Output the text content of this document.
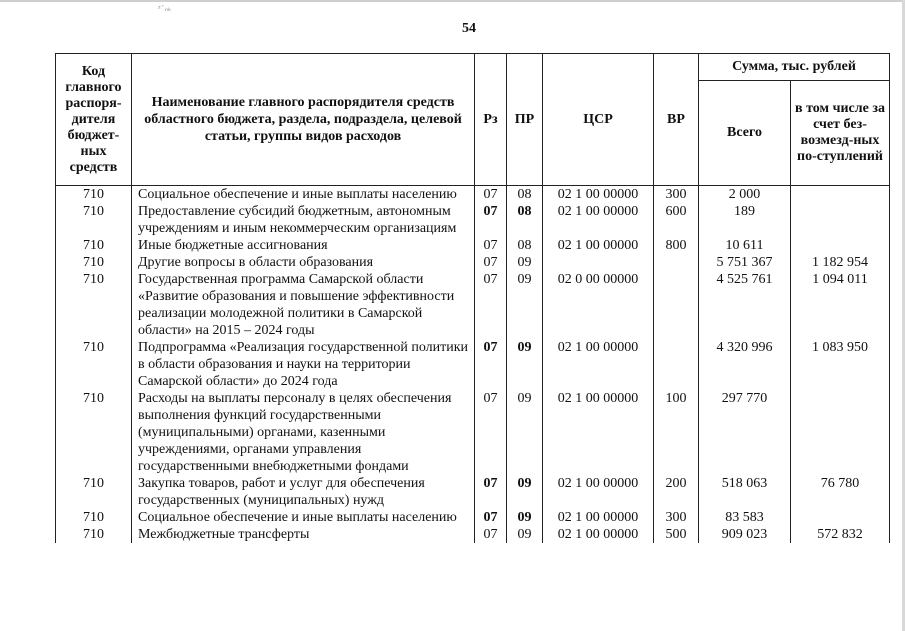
ᶻ᾿ₙₖ
54
Код главного распоря-дителя бюджет-ных средств	Наименование главного распорядителя средств областного бюджета, раздела, подраздела, целевой статьи, группы видов расходов	Рз	ПР	ЦСР	ВР	Сумма, тыс. рублей	
						Всего	в том числе за счет без-возмезд-ных по-ступлений
710	Социальное обеспечение и иные выплаты населению	07	08	02 1 00 00000	300	2 000	
710	Предоставление субсидий бюджетным, автономным учреждениям и иным некоммерческим организациям	07	08	02 1 00 00000	600	189	
710	Иные бюджетные ассигнования	07	08	02 1 00 00000	800	10 611	
710	Другие вопросы в области образования	07	09			5 751 367	1 182 954
710	Государственная программа Самарской области «Развитие образования и повышение эффективности реализации молодежной политики в Самарской области» на 2015 – 2024 годы	07	09	02 0 00 00000		4 525 761	1 094 011
710	Подпрограмма «Реализация государственной политики в области образования и науки на территории Самарской области» до 2024 года	07	09	02 1 00 00000		4 320 996	1 083 950
710	Расходы на выплаты персоналу в целях обеспечения выполнения функций государственными (муниципальными) органами, казенными учреждениями, органами управления государственными внебюджетными фондами	07	09	02 1 00 00000	100	297 770	
710	Закупка товаров, работ и услуг для обеспечения государственных (муниципальных) нужд	07	09	02 1 00 00000	200	518 063	76 780
710	Социальное обеспечение и иные выплаты населению	07	09	02 1 00 00000	300	83 583	
710	Межбюджетные трансферты	07	09	02 1 00 00000	500	909 023	572 832
